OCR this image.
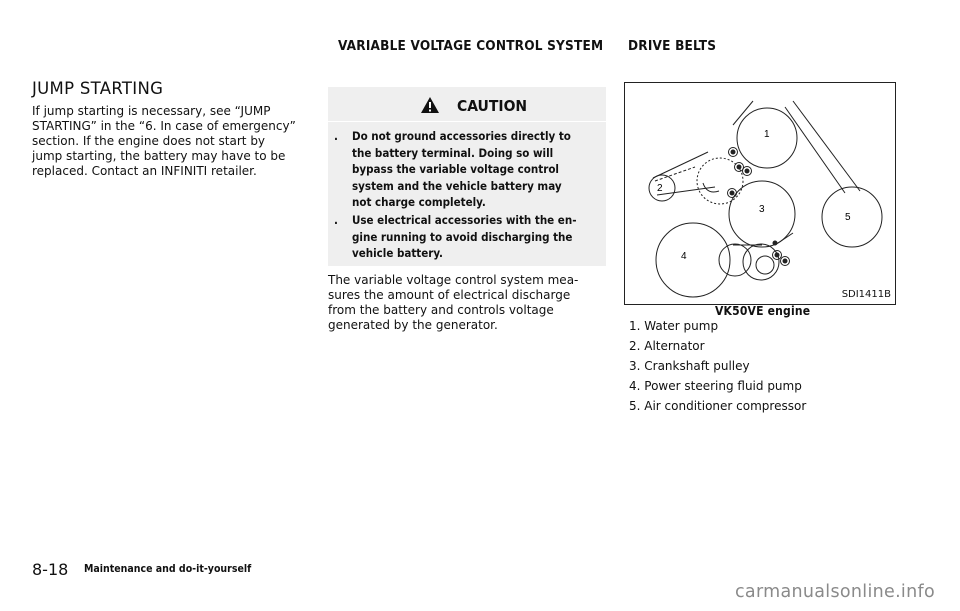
VARIABLE VOLTAGE CONTROL SYSTEM DRIVE BELTS
JUMP STARTING
If jump starting is necessary, see “JUMP
STARTING” in the “6. In case of emergency”
section. If the engine does not start by
jump starting, the battery may have to be
replaced. Contact an INFINITI retailer.
CAUTION
. Do not ground accessories directly to
the battery terminal. Doing so will
bypass the variable voltage control
system and the vehicle battery may
not charge completely.
. Use electrical accessories with the en-
gine running to avoid discharging the
vehicle battery.
The variable voltage control system mea-
sures the amount of electrical discharge
from the battery and controls voltage
generated by the generator.
1
2
3
4
5
SDI1411B
VK50VE engine
1. Water pump
2. Alternator
3. Crankshaft pulley
4. Power steering fluid pump
5. Air conditioner compressor
8-18 Maintenance and do-it-yourself
carmanualsonline.info
